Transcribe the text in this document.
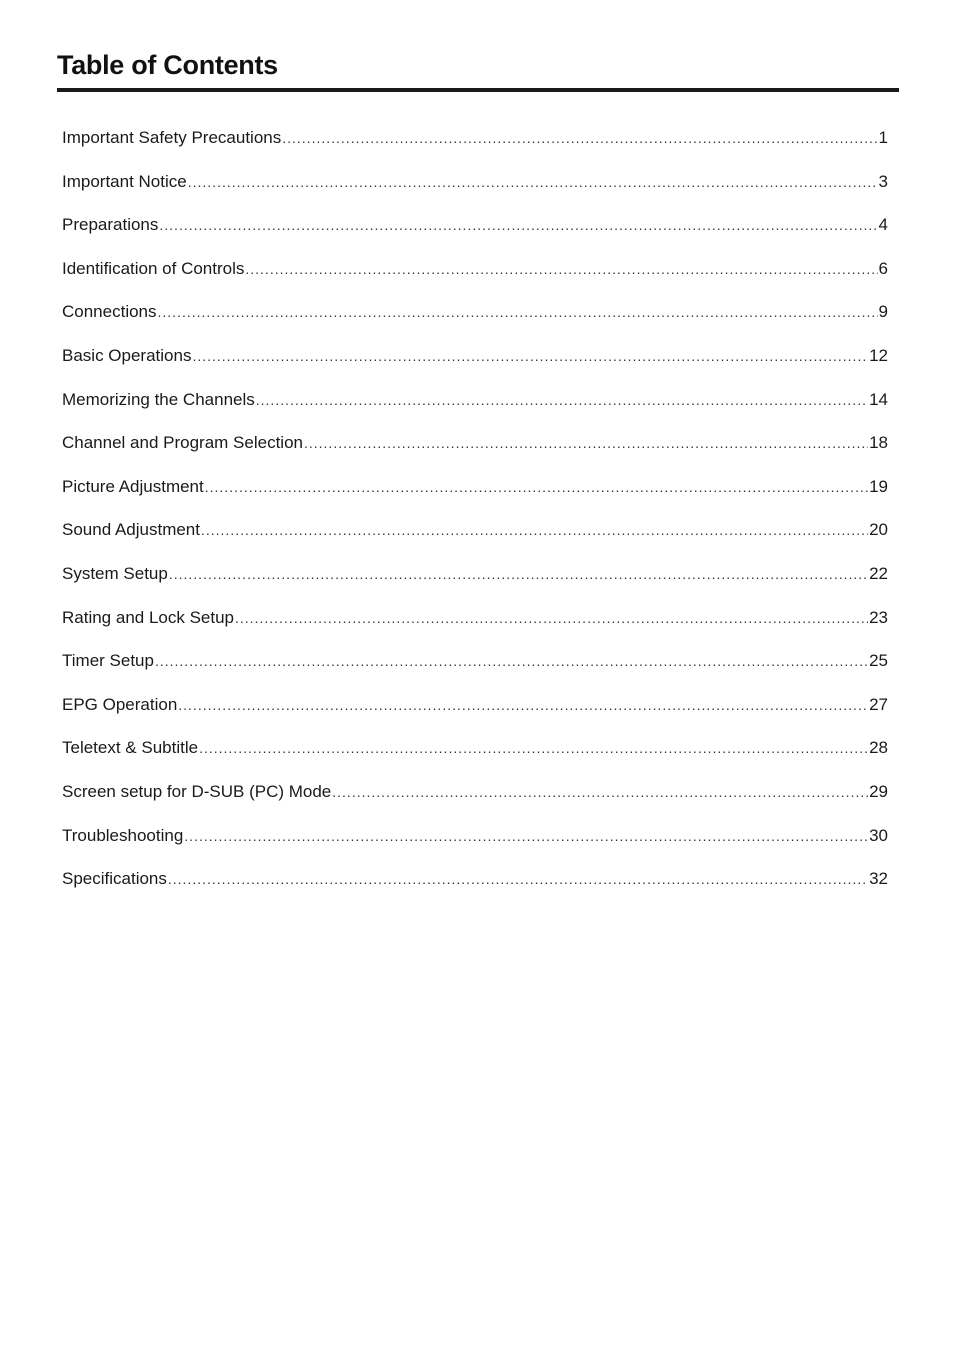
Table of Contents
Important Safety Precautions .....	1
Important Notice .....	3
Preparations .....	4
Identification of Controls .....	6
Connections .....	9
Basic Operations .....	12
Memorizing the Channels .....	14
Channel and Program Selection .....	18
Picture Adjustment .....	19
Sound Adjustment .....	20
System Setup .....	22
Rating and Lock Setup .....	23
Timer Setup .....	25
EPG Operation .....	27
Teletext & Subtitle .....	28
Screen setup for D-SUB (PC) Mode .....	29
Troubleshooting .....	30
Specifications .....	32
